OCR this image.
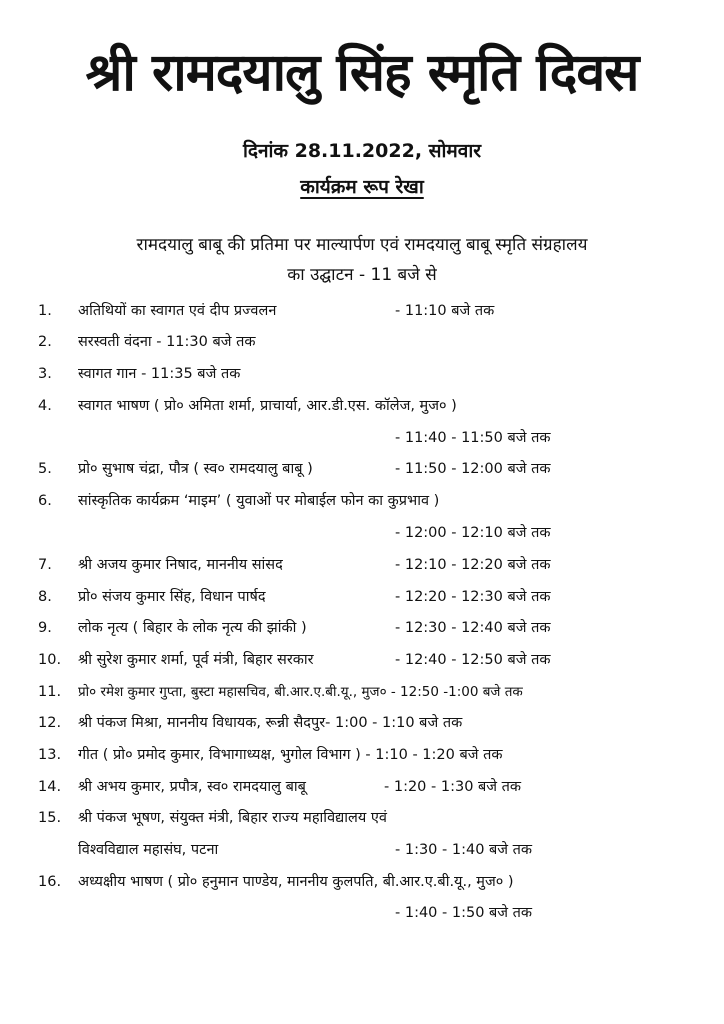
श्री रामदयालु सिंह स्मृति दिवस
दिनांक 28.11.2022, सोमवार
कार्यक्रम रूप रेखा
रामदयालु बाबू की प्रतिमा पर माल्यार्पण एवं रामदयालु बाबू स्मृति संग्रहालय
का उद्घाटन - 11 बजे से
1. अतिथियों का स्वागत एवं दीप प्रज्वलन	- 11:10 बजे तक
2. सरस्वती वंदना - 11:30 बजे तक
3. स्वागत गान - 11:35 बजे तक
4. स्वागत भाषण ( प्रो० अमिता शर्मा, प्राचार्या, आर.डी.एस. कॉलेज, मुज० )
- 11:40 - 11:50 बजे तक
5. प्रो० सुभाष चंद्रा, पौत्र ( स्व० रामदयालु बाबू )	- 11:50 - 12:00 बजे तक
6. सांस्कृतिक कार्यक्रम ‘माइम’ ( युवाओं पर मोबाईल फोन का कुप्रभाव )
- 12:00 - 12:10 बजे तक
7. श्री अजय कुमार निषाद, माननीय सांसद	- 12:10 - 12:20 बजे तक
8. प्रो० संजय कुमार सिंह, विधान पार्षद	- 12:20 - 12:30 बजे तक
9. लोक नृत्य ( बिहार के लोक नृत्य की झांकी )	- 12:30 - 12:40 बजे तक
10. श्री सुरेश कुमार शर्मा, पूर्व मंत्री, बिहार सरकार	- 12:40 - 12:50 बजे तक
11. प्रो० रमेश कुमार गुप्ता, बुस्टा महासचिव, बी.आर.ए.बी.यू., मुज० - 12:50 -1:00 बजे तक
12. श्री पंकज मिश्रा, माननीय विधायक, रून्नी सैदपुर- 1:00 - 1:10 बजे तक
13. गीत ( प्रो० प्रमोद कुमार, विभागाध्यक्ष, भुगोल विभाग ) - 1:10 - 1:20 बजे तक
14. श्री अभय कुमार, प्रपौत्र, स्व० रामदयालु बाबू	- 1:20 - 1:30 बजे तक
15. श्री पंकज भूषण, संयुक्त मंत्री, बिहार राज्य महाविद्यालय एवं
विश्वविद्याल महासंघ, पटना	- 1:30 - 1:40 बजे तक
16. अध्यक्षीय भाषण ( प्रो० हनुमान पाण्डेय, माननीय कुलपति, बी.आर.ए.बी.यू., मुज० )
- 1:40 - 1:50 बजे तक
